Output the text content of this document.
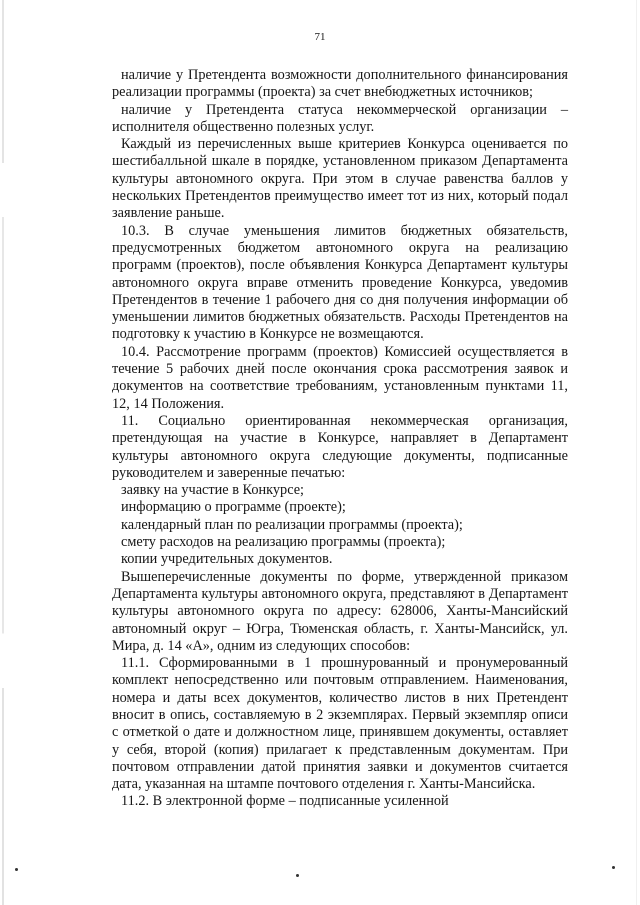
71

наличие у Претендента возможности дополнительного финансирования реализации программы (проекта) за счет внебюджетных источников;

наличие у Претендента статуса некоммерческой организации – исполнителя общественно полезных услуг.

Каждый из перечисленных выше критериев Конкурса оценивается по шестибалльной шкале в порядке, установленном приказом Департамента культуры автономного округа. При этом в случае равенства баллов у нескольких Претендентов преимущество имеет тот из них, который подал заявление раньше.

10.3. В случае уменьшения лимитов бюджетных обязательств, предусмотренных бюджетом автономного округа на реализацию программ (проектов), после объявления Конкурса Департамент культуры автономного округа вправе отменить проведение Конкурса, уведомив Претендентов в течение 1 рабочего дня со дня получения информации об уменьшении лимитов бюджетных обязательств. Расходы Претендентов на подготовку к участию в Конкурсе не возмещаются.

10.4. Рассмотрение программ (проектов) Комиссией осуществляется в течение 5 рабочих дней после окончания срока рассмотрения заявок и документов на соответствие требованиям, установленным пунктами 11, 12, 14 Положения.

11. Социально ориентированная некоммерческая организация, претендующая на участие в Конкурсе, направляет в Департамент культуры автономного округа следующие документы, подписанные руководителем и заверенные печатью:

заявку на участие в Конкурсе;

информацию о программе (проекте);

календарный план по реализации программы (проекта);

смету расходов на реализацию программы (проекта);

копии учредительных документов.

Вышеперечисленные документы по форме, утвержденной приказом Департамента культуры автономного округа, представляют в Департамент культуры автономного округа по адресу: 628006, Ханты-Мансийский автономный округ – Югра, Тюменская область, г. Ханты-Мансийск, ул. Мира, д. 14 «А», одним из следующих способов:

11.1. Сформированными в 1 прошнурованный и пронумерованный комплект непосредственно или почтовым отправлением. Наименования, номера и даты всех документов, количество листов в них Претендент вносит в опись, составляемую в 2 экземплярах. Первый экземпляр описи с отметкой о дате и должностном лице, принявшем документы, оставляет у себя, второй (копия) прилагает к представленным документам. При почтовом отправлении датой принятия заявки и документов считается дата, указанная на штампе почтового отделения г. Ханты-Мансийска.

11.2. В электронной форме – подписанные усиленной
